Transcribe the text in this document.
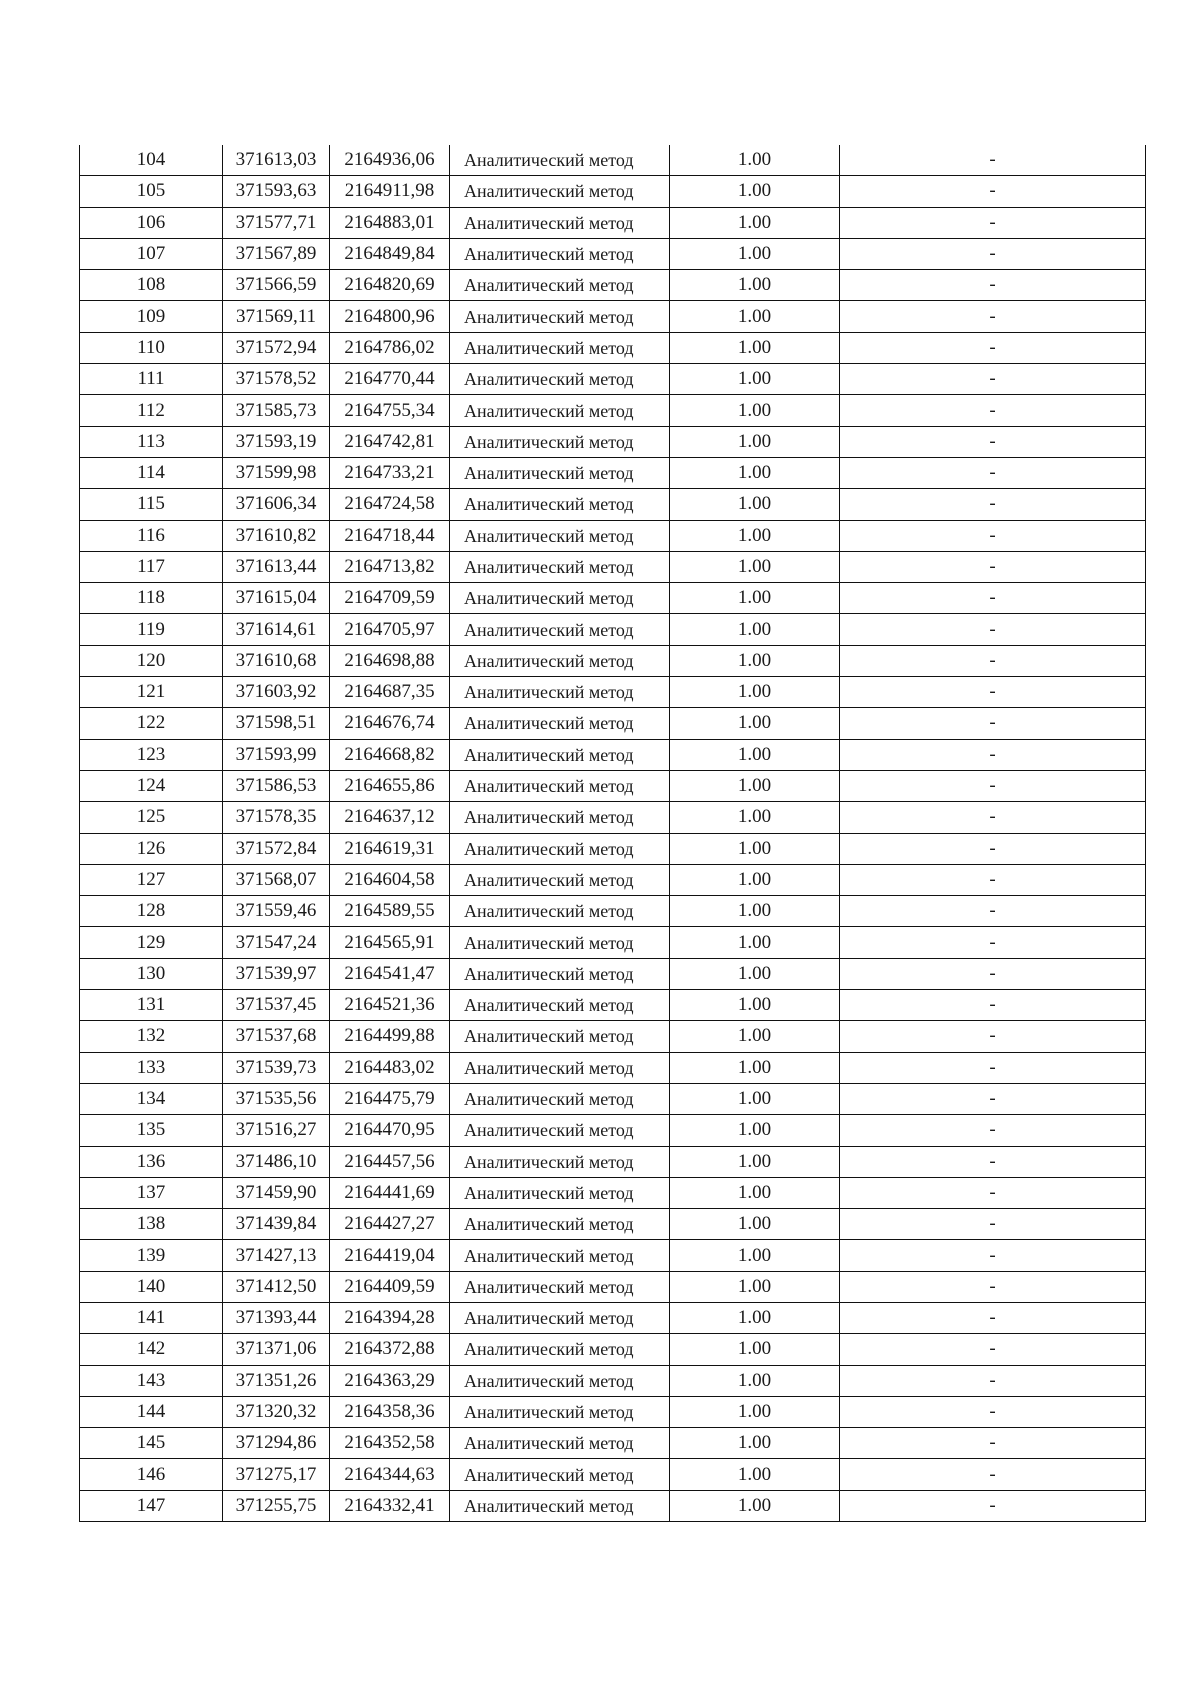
104	371613,03	2164936,06	Аналитический метод	1.00	-
105	371593,63	2164911,98	Аналитический метод	1.00	-
106	371577,71	2164883,01	Аналитический метод	1.00	-
107	371567,89	2164849,84	Аналитический метод	1.00	-
108	371566,59	2164820,69	Аналитический метод	1.00	-
109	371569,11	2164800,96	Аналитический метод	1.00	-
110	371572,94	2164786,02	Аналитический метод	1.00	-
111	371578,52	2164770,44	Аналитический метод	1.00	-
112	371585,73	2164755,34	Аналитический метод	1.00	-
113	371593,19	2164742,81	Аналитический метод	1.00	-
114	371599,98	2164733,21	Аналитический метод	1.00	-
115	371606,34	2164724,58	Аналитический метод	1.00	-
116	371610,82	2164718,44	Аналитический метод	1.00	-
117	371613,44	2164713,82	Аналитический метод	1.00	-
118	371615,04	2164709,59	Аналитический метод	1.00	-
119	371614,61	2164705,97	Аналитический метод	1.00	-
120	371610,68	2164698,88	Аналитический метод	1.00	-
121	371603,92	2164687,35	Аналитический метод	1.00	-
122	371598,51	2164676,74	Аналитический метод	1.00	-
123	371593,99	2164668,82	Аналитический метод	1.00	-
124	371586,53	2164655,86	Аналитический метод	1.00	-
125	371578,35	2164637,12	Аналитический метод	1.00	-
126	371572,84	2164619,31	Аналитический метод	1.00	-
127	371568,07	2164604,58	Аналитический метод	1.00	-
128	371559,46	2164589,55	Аналитический метод	1.00	-
129	371547,24	2164565,91	Аналитический метод	1.00	-
130	371539,97	2164541,47	Аналитический метод	1.00	-
131	371537,45	2164521,36	Аналитический метод	1.00	-
132	371537,68	2164499,88	Аналитический метод	1.00	-
133	371539,73	2164483,02	Аналитический метод	1.00	-
134	371535,56	2164475,79	Аналитический метод	1.00	-
135	371516,27	2164470,95	Аналитический метод	1.00	-
136	371486,10	2164457,56	Аналитический метод	1.00	-
137	371459,90	2164441,69	Аналитический метод	1.00	-
138	371439,84	2164427,27	Аналитический метод	1.00	-
139	371427,13	2164419,04	Аналитический метод	1.00	-
140	371412,50	2164409,59	Аналитический метод	1.00	-
141	371393,44	2164394,28	Аналитический метод	1.00	-
142	371371,06	2164372,88	Аналитический метод	1.00	-
143	371351,26	2164363,29	Аналитический метод	1.00	-
144	371320,32	2164358,36	Аналитический метод	1.00	-
145	371294,86	2164352,58	Аналитический метод	1.00	-
146	371275,17	2164344,63	Аналитический метод	1.00	-
147	371255,75	2164332,41	Аналитический метод	1.00	-
